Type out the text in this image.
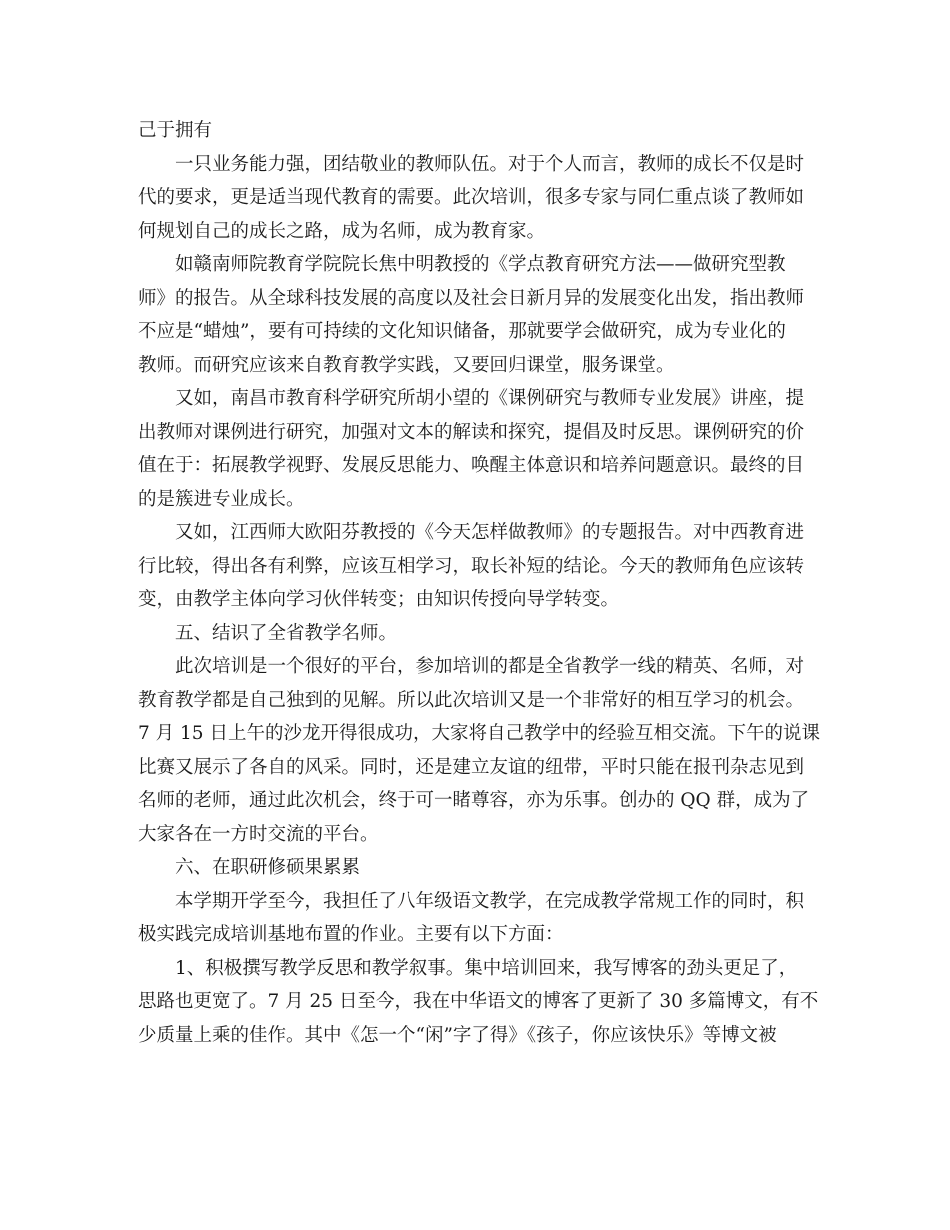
己于拥有
一只业务能力强，团结敬业的教师队伍。对于个人而言，教师的成长不仅是时
代的要求，更是适当现代教育的需要。此次培训，很多专家与同仁重点谈了教师如
何规划自己的成长之路，成为名师，成为教育家。
如赣南师院教育学院院长焦中明教授的《学点教育研究方法——做研究型教
师》的报告。从全球科技发展的高度以及社会日新月异的发展变化出发，指出教师
不应是“蜡烛”，要有可持续的文化知识储备，那就要学会做研究，成为专业化的
教师。而研究应该来自教育教学实践，又要回归课堂，服务课堂。
又如，南昌市教育科学研究所胡小望的《课例研究与教师专业发展》讲座，提
出教师对课例进行研究，加强对文本的解读和探究，提倡及时反思。课例研究的价
值在于：拓展教学视野、发展反思能力、唤醒主体意识和培养问题意识。最终的目
的是簇进专业成长。
又如，江西师大欧阳芬教授的《今天怎样做教师》的专题报告。对中西教育进
行比较，得出各有利弊，应该互相学习，取长补短的结论。今天的教师角色应该转
变，由教学主体向学习伙伴转变；由知识传授向导学转变。
五、结识了全省教学名师。
此次培训是一个很好的平台，参加培训的都是全省教学一线的精英、名师，对
教育教学都是自己独到的见解。所以此次培训又是一个非常好的相互学习的机会。
7 月 15 日上午的沙龙开得很成功，大家将自己教学中的经验互相交流。下午的说课
比赛又展示了各自的风采。同时，还是建立友谊的纽带，平时只能在报刊杂志见到
名师的老师，通过此次机会，终于可一睹尊容，亦为乐事。创办的 QQ 群，成为了
大家各在一方时交流的平台。
六、在职研修硕果累累
本学期开学至今，我担任了八年级语文教学，在完成教学常规工作的同时，积
极实践完成培训基地布置的作业。主要有以下方面：
1、积极撰写教学反思和教学叙事。集中培训回来，我写博客的劲头更足了，
思路也更宽了。7 月 25 日至今，我在中华语文的博客了更新了 30 多篇博文，有不
少质量上乘的佳作。其中《怎一个“闲”字了得》《孩子，你应该快乐》等博文被
